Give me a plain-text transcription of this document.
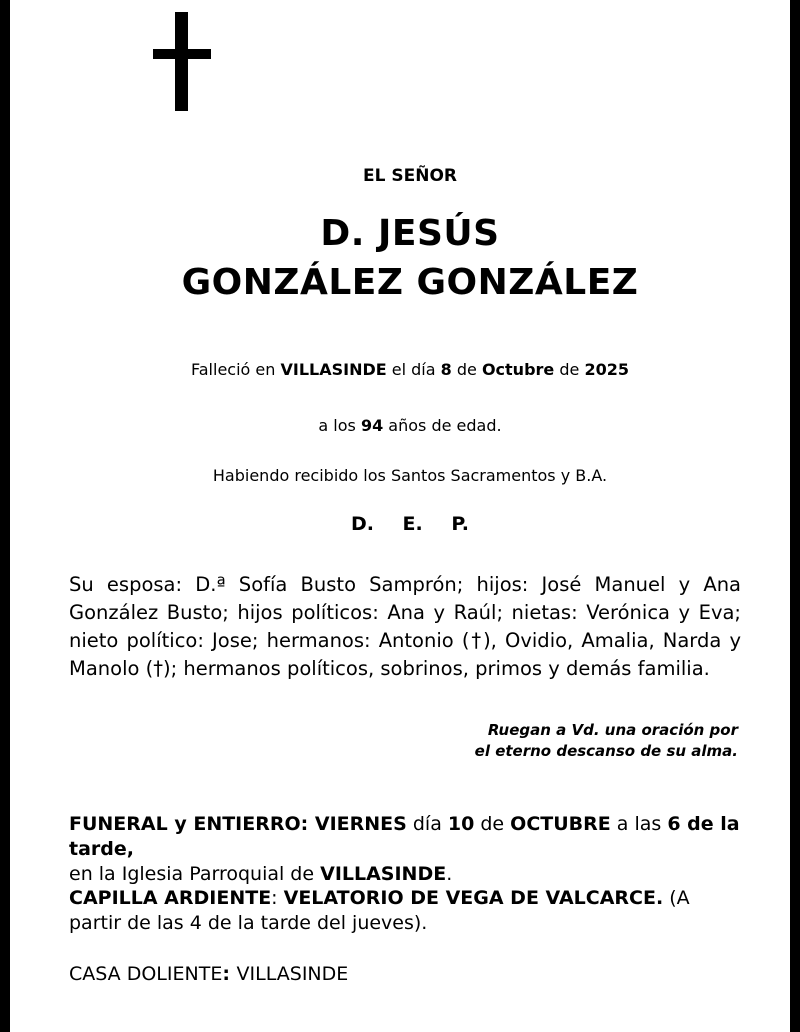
EL SEÑOR
D. JESÚS
GONZÁLEZ GONZÁLEZ
Falleció en VILLASINDE el día 8 de Octubre de 2025
a los 94 años de edad.
Habiendo recibido los Santos Sacramentos y B.A.
D. E. P.
Su esposa: D.ª Sofía Busto Samprón; hijos: José Manuel y Ana González Busto; hijos políticos: Ana y Raúl; nietas: Verónica y Eva; nieto político: Jose; hermanos: Antonio (†), Ovidio, Amalia, Narda y Manolo (†); hermanos políticos, sobrinos, primos y demás familia.
Ruegan a Vd. una oración por
el eterno descanso de su alma.
FUNERAL y ENTIERRO: VIERNES día 10 de OCTUBRE a las 6 de la tarde,
en la Iglesia Parroquial de VILLASINDE.
CAPILLA ARDIENTE: VELATORIO DE VEGA DE VALCARCE. (A partir de las 4 de la tarde del jueves).
CASA DOLIENTE: VILLASINDE
